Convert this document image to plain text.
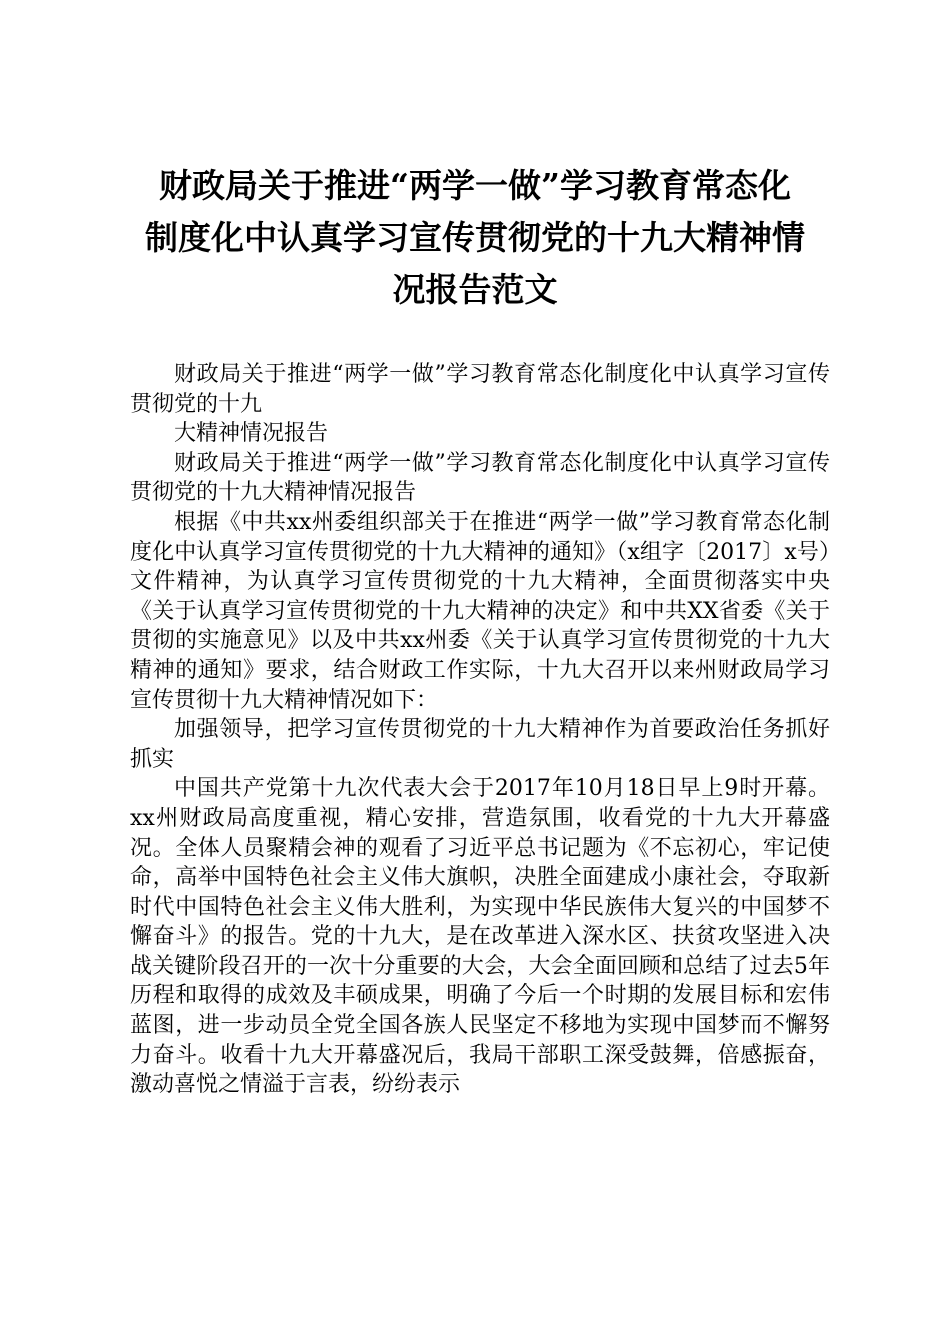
财政局关于推进“两学一做”学习教育常态化
制度化中认真学习宣传贯彻党的十九大精神情
况报告范文

财政局关于推进“两学一做”学习教育常态化制度化中认真学习宣传贯彻党的十九

大精神情况报告

财政局关于推进“两学一做”学习教育常态化制度化中认真学习宣传贯彻党的十九大精神情况报告

根据《中共xx州委组织部关于在推进“两学一做”学习教育常态化制度化中认真学习宣传贯彻党的十九大精神的通知》（x组字〔2017〕x号）文件精神，为认真学习宣传贯彻党的十九大精神，全面贯彻落实中央《关于认真学习宣传贯彻党的十九大精神的决定》和中共XX省委《关于贯彻的实施意见》以及中共xx州委《关于认真学习宣传贯彻党的十九大精神的通知》要求，结合财政工作实际，十九大召开以来州财政局学习宣传贯彻十九大精神情况如下：

加强领导，把学习宣传贯彻党的十九大精神作为首要政治任务抓好抓实

中国共产党第十九次代表大会于2017年10月18日早上9时开幕。xx州财政局高度重视，精心安排，营造氛围，收看党的十九大开幕盛况。全体人员聚精会神的观看了习近平总书记题为《不忘初心，牢记使命，高举中国特色社会主义伟大旗帜，决胜全面建成小康社会，夺取新时代中国特色社会主义伟大胜利，为实现中华民族伟大复兴的中国梦不懈奋斗》的报告。党的十九大，是在改革进入深水区、扶贫攻坚进入决战关键阶段召开的一次十分重要的大会，大会全面回顾和总结了过去5年历程和取得的成效及丰硕成果，明确了今后一个时期的发展目标和宏伟蓝图，进一步动员全党全国各族人民坚定不移地为实现中国梦而不懈努力奋斗。收看十九大开幕盛况后，我局干部职工深受鼓舞，倍感振奋，激动喜悦之情溢于言表，纷纷表示
